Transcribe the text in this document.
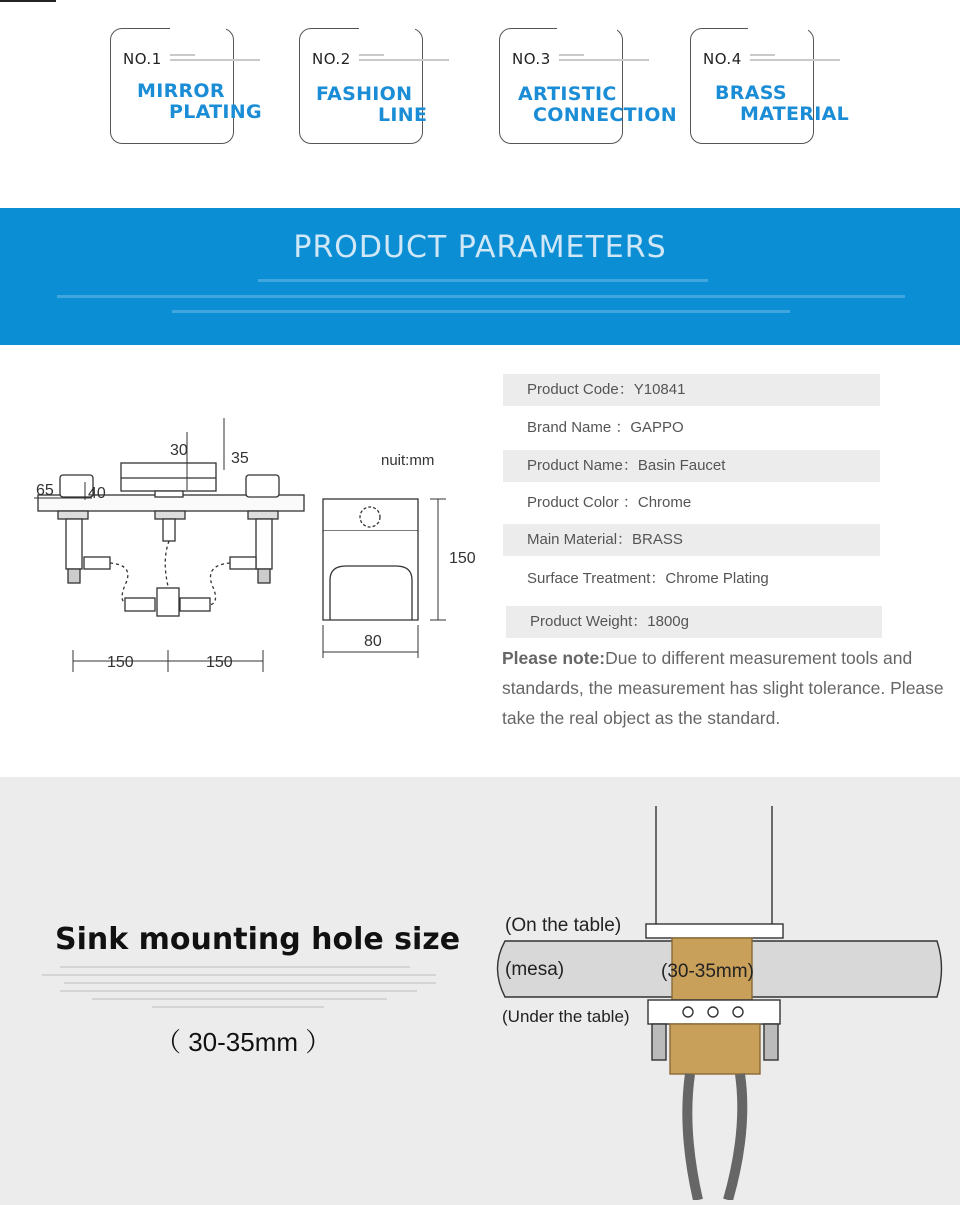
NO.1
MIRROR
PLATING
NO.2
FASHION
LINE
NO.3
ARTISTIC
CONNECTION
NO.4
BRASS
MATERIAL
PRODUCT PARAMETERS
30	35
65 40
150	150
150
80
nuit:mm
Product Code：Y10841
Brand Name ：GAPPO
Product Name：Basin Faucet
Product Color ：Chrome
Main Material：BRASS
Surface Treatment：Chrome Plating
Product Weight：1800g
Please note:Due to different measurement tools and standards, the measurement has slight tolerance. Please take the real object as the standard.
Sink mounting hole size
（ 30-35mm ）
(On the table)
(mesa)	(30-35mm)
(Under the table)
